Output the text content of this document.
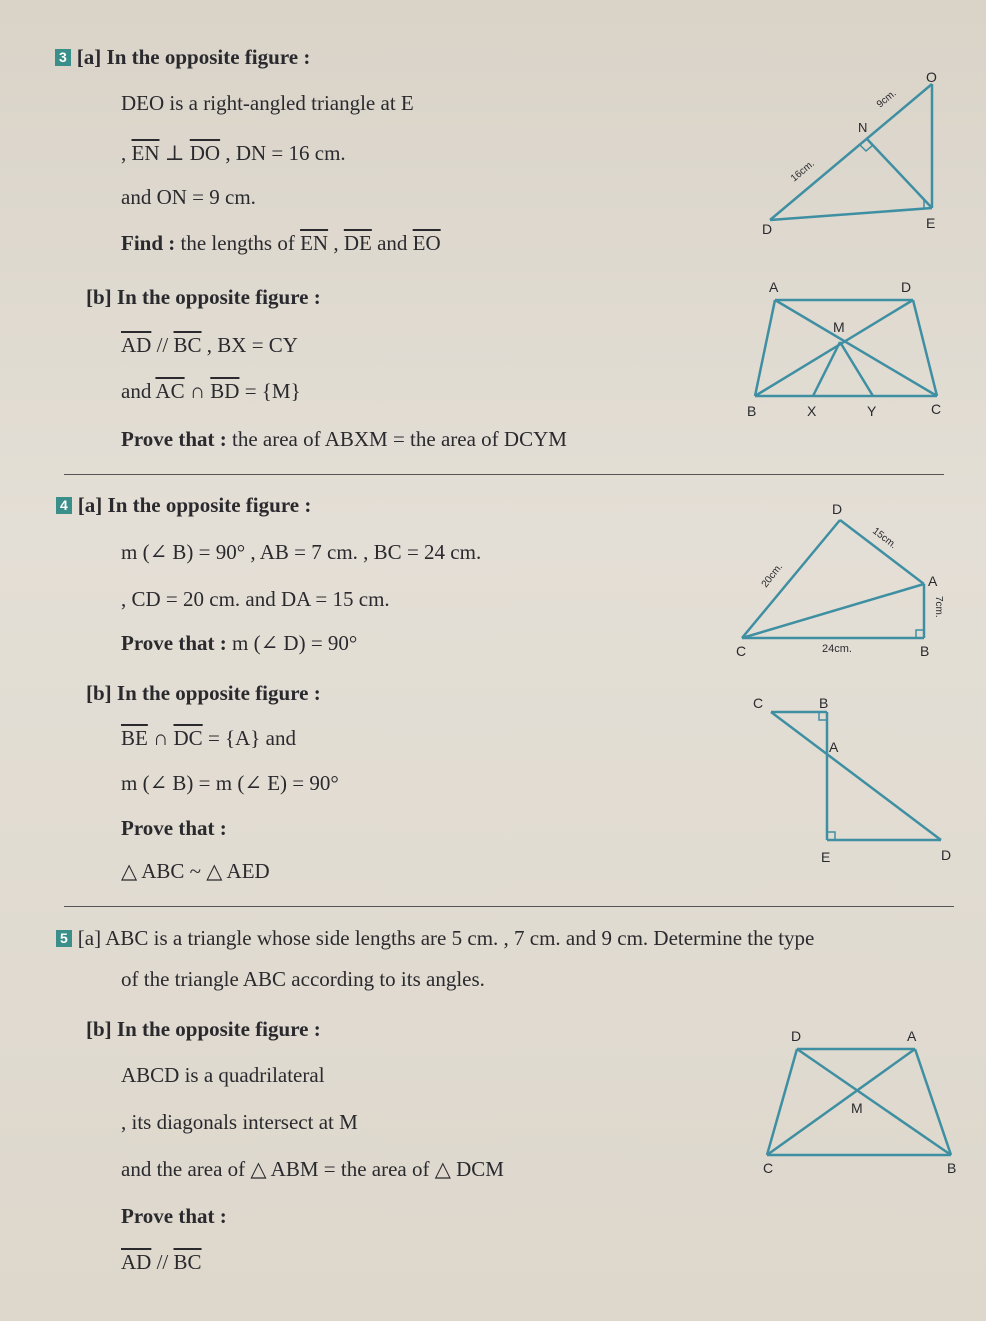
3 [a] In the opposite figure :
DEO is a right-angled triangle at E
, $\overline{EN}$ ⊥ $\overline{DO}$ , DN = 16 cm.
and ON = 9 cm.
Find : the lengths of $\overline{EN}$ , $\overline{DE}$ and $\overline{EO}$
O
N
D	E
9cm.
16cm.
[b] In the opposite figure :
$\overline{AD} // \overline{BC}$ , BX = CY
and $\overline{AC}$ ∩ $\overline{BD} = \{M\}$
Prove that : the area of ABXM = the area of DCYM
A	D
M
B	X	Y	C
4 [a] In the opposite figure :
m (∠ B) = 90° , AB = 7 cm. , BC = 24 cm.
, CD = 20 cm. and DA = 15 cm.
Prove that : m (∠ D) = 90°
D
A
C	B
15cm.
20cm.
7cm.
24cm.
[b] In the opposite figure :
$\overline{BE}$ ∩ $\overline{DC} = \{A\}$ and
m (∠ B) = m (∠ E) = 90°
Prove that :
△ ABC ~ △ AED
C	B
A
E	D
5 [a] ABC is a triangle whose side lengths are 5 cm. , 7 cm. and 9 cm. Determine the type
of the triangle ABC according to its angles.
[b] In the opposite figure :
ABCD is a quadrilateral
, its diagonals intersect at M
and the area of △ ABM = the area of △ DCM
Prove that :
$\overline{AD} // \overline{BC}$
D	A
M
C	B
